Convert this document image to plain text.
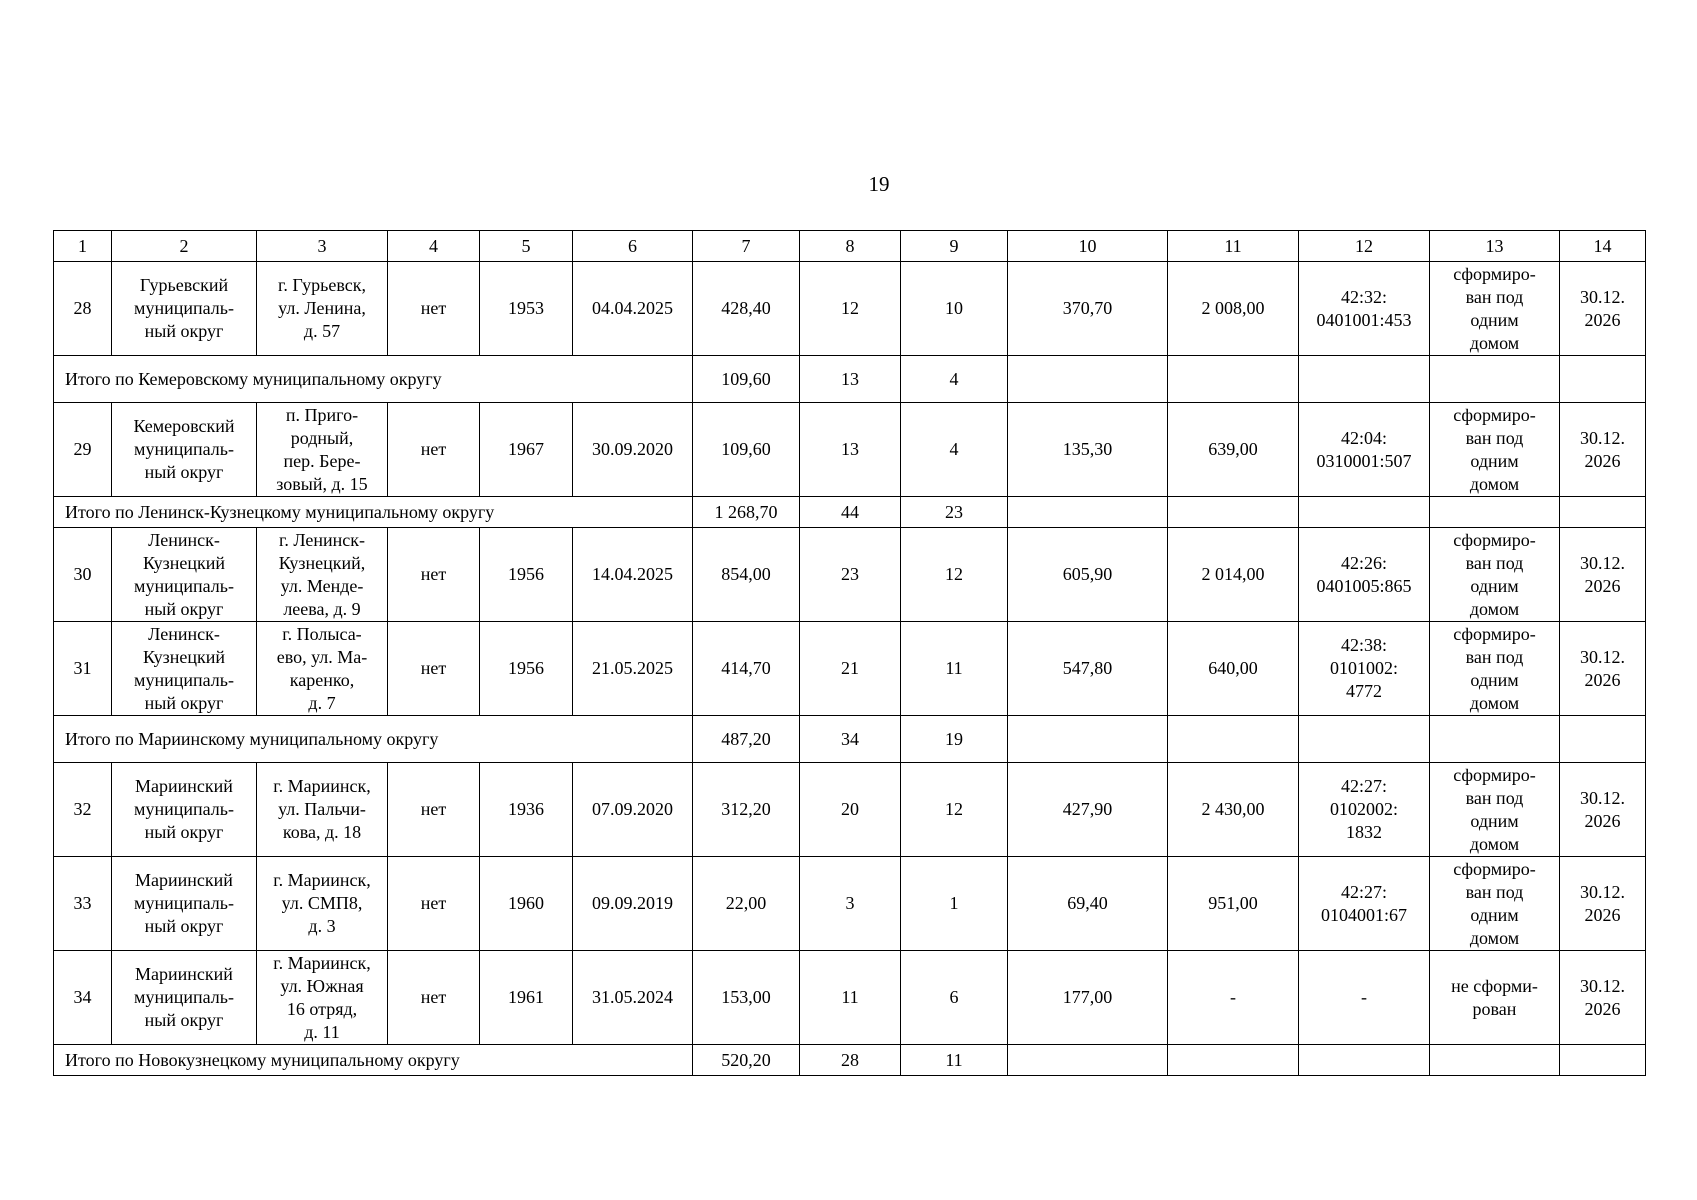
19
1	2	3	4	5	6	7	8	9	10	11	12	13	14
28	Гурьевский
муниципаль-
ный округ	г. Гурьевск,
ул. Ленина,
д. 57	нет	1953	04.04.2025	428,40	12	10	370,70	2 008,00	42:32:
0401001:453	сформиро-
ван под
одним
домом	30.12.
2026
Итого по Кемеровскому муниципальному округу						109,60	13	4					
29	Кемеровский
муниципаль-
ный округ	п. Приго-
родный,
пер. Бере-
зовый, д. 15	нет	1967	30.09.2020	109,60	13	4	135,30	639,00	42:04:
0310001:507	сформиро-
ван под
одним
домом	30.12.
2026
Итого по Ленинск-Кузнецкому муниципальному округу						1 268,70	44	23					
30	Ленинск-
Кузнецкий
муниципаль-
ный округ	г. Ленинск-
Кузнецкий,
ул. Менде-
леева, д. 9	нет	1956	14.04.2025	854,00	23	12	605,90	2 014,00	42:26:
0401005:865	сформиро-
ван под
одним
домом	30.12.
2026
31	Ленинск-
Кузнецкий
муниципаль-
ный округ	г. Полыса-
ево, ул. Ма-
каренко,
д. 7	нет	1956	21.05.2025	414,70	21	11	547,80	640,00	42:38:
0101002:
4772	сформиро-
ван под
одним
домом	30.12.
2026
Итого по Мариинскому муниципальному округу						487,20	34	19					
32	Мариинский
муниципаль-
ный округ	г. Мариинск,
ул. Пальчи-
кова, д. 18	нет	1936	07.09.2020	312,20	20	12	427,90	2 430,00	42:27:
0102002:
1832	сформиро-
ван под
одним
домом	30.12.
2026
33	Мариинский
муниципаль-
ный округ	г. Мариинск,
ул. СМП8,
д. 3	нет	1960	09.09.2019	22,00	3	1	69,40	951,00	42:27:
0104001:67	сформиро-
ван под
одним
домом	30.12.
2026
34	Мариинский
муниципаль-
ный округ	г. Мариинск,
ул. Южная
16 отряд,
д. 11	нет	1961	31.05.2024	153,00	11	6	177,00	-	-	не сформи-
рован	30.12.
2026
Итого по Новокузнецкому муниципальному округу						520,20	28	11					
